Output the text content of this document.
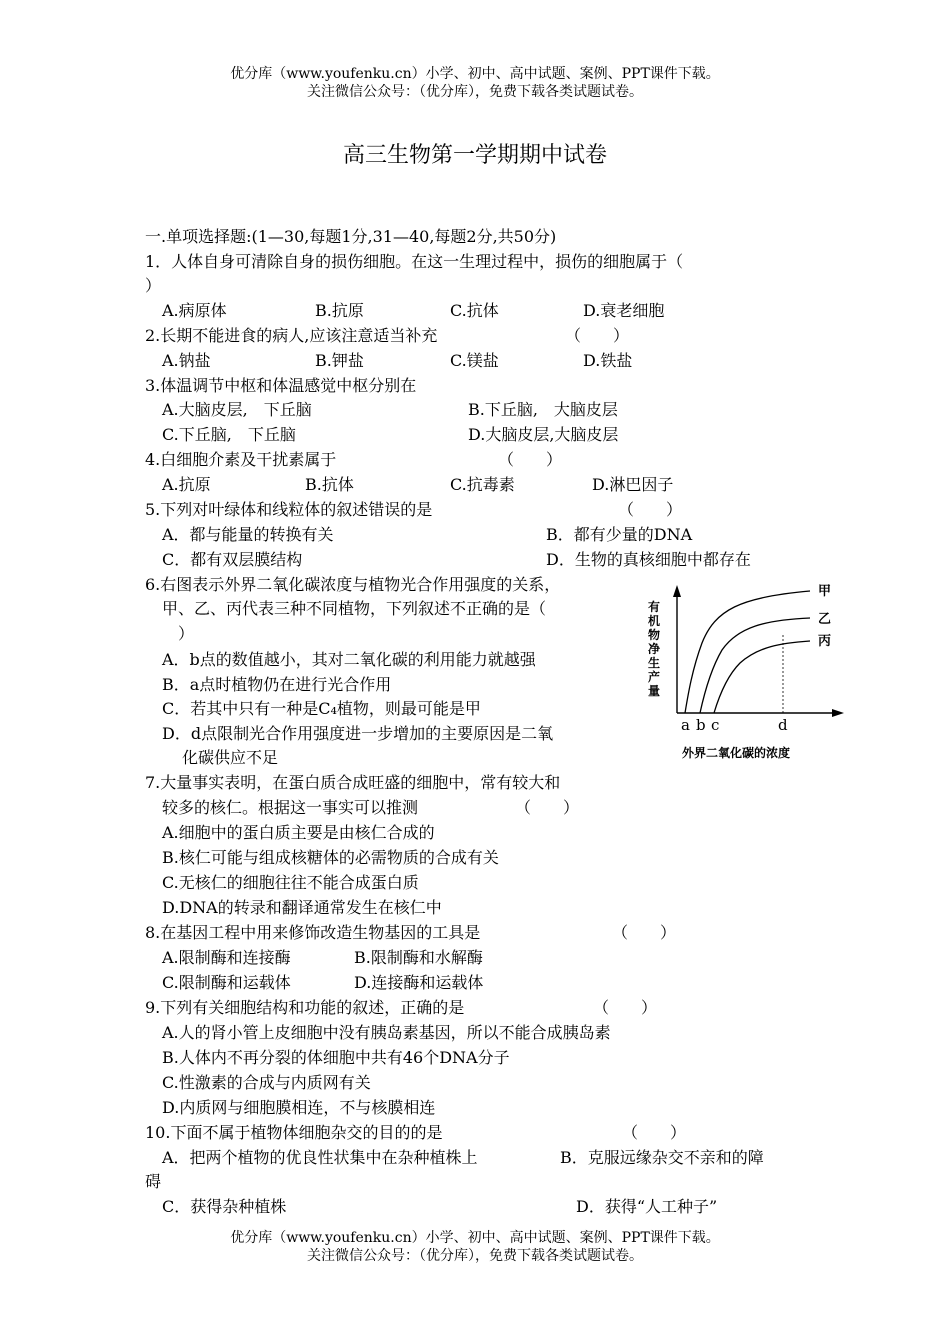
优分库（www.youfenku.cn）小学、初中、高中试题、案例、PPT课件下载。
关注微信公众号：（优分库），免费下载各类试题试卷。
高三生物第一学期期中试卷
一.单项选择题:(1—30,每题1分,31—40,每题2分,共50分)
1．人体自身可清除自身的损伤细胞。在这一生理过程中，损伤的细胞属于（
）
A.病原体	B.抗原	C.抗体	D.衰老细胞
2.长期不能进食的病人,应该注意适当补充	（　　）
A.钠盐	B.钾盐	C.镁盐	D.铁盐
3.体温调节中枢和体温感觉中枢分别在
A.大脑皮层,　下丘脑	B.下丘脑,　大脑皮层
C.下丘脑,　下丘脑	D.大脑皮层,大脑皮层
4.白细胞介素及干扰素属于	（　　）
A.抗原	B.抗体	C.抗毒素	D.淋巴因子
5.下列对叶绿体和线粒体的叙述错误的是	（　　）
A．都与能量的转换有关	B．都有少量的DNA
C．都有双层膜结构	D．生物的真核细胞中都存在
6.右图表示外界二氧化碳浓度与植物光合作用强度的关系，
甲、乙、丙代表三种不同植物，下列叙述不正确的是（
）
A．b点的数值越小，其对二氧化碳的利用能力就越强
B．a点时植物仍在进行光合作用
C．若其中只有一种是C₄植物，则最可能是甲
D．d点限制光合作用强度进一步增加的主要原因是二氧
化碳供应不足
有机物净生产量
甲
乙
丙
a b c	d
外界二氧化碳的浓度
7.大量事实表明，在蛋白质合成旺盛的细胞中，常有较大和
较多的核仁。根据这一事实可以推测	（　　）
A.细胞中的蛋白质主要是由核仁合成的
B.核仁可能与组成核糖体的必需物质的合成有关
C.无核仁的细胞往往不能合成蛋白质
D.DNA的转录和翻译通常发生在核仁中
8.在基因工程中用来修饰改造生物基因的工具是	（　　）
A.限制酶和连接酶	B.限制酶和水解酶
C.限制酶和运载体	D.连接酶和运载体
9.下列有关细胞结构和功能的叙述，正确的是	（　　）
A.人的肾小管上皮细胞中没有胰岛素基因，所以不能合成胰岛素
B.人体内不再分裂的体细胞中共有46个DNA分子
C.性激素的合成与内质网有关
D.内质网与细胞膜相连，不与核膜相连
10.下面不属于植物体细胞杂交的目的的是	（　　）
A．把两个植物的优良性状集中在杂种植株上	B．克服远缘杂交不亲和的障
碍
C．获得杂种植株	D．获得“人工种子”
优分库（www.youfenku.cn）小学、初中、高中试题、案例、PPT课件下载。
关注微信公众号：（优分库），免费下载各类试题试卷。
